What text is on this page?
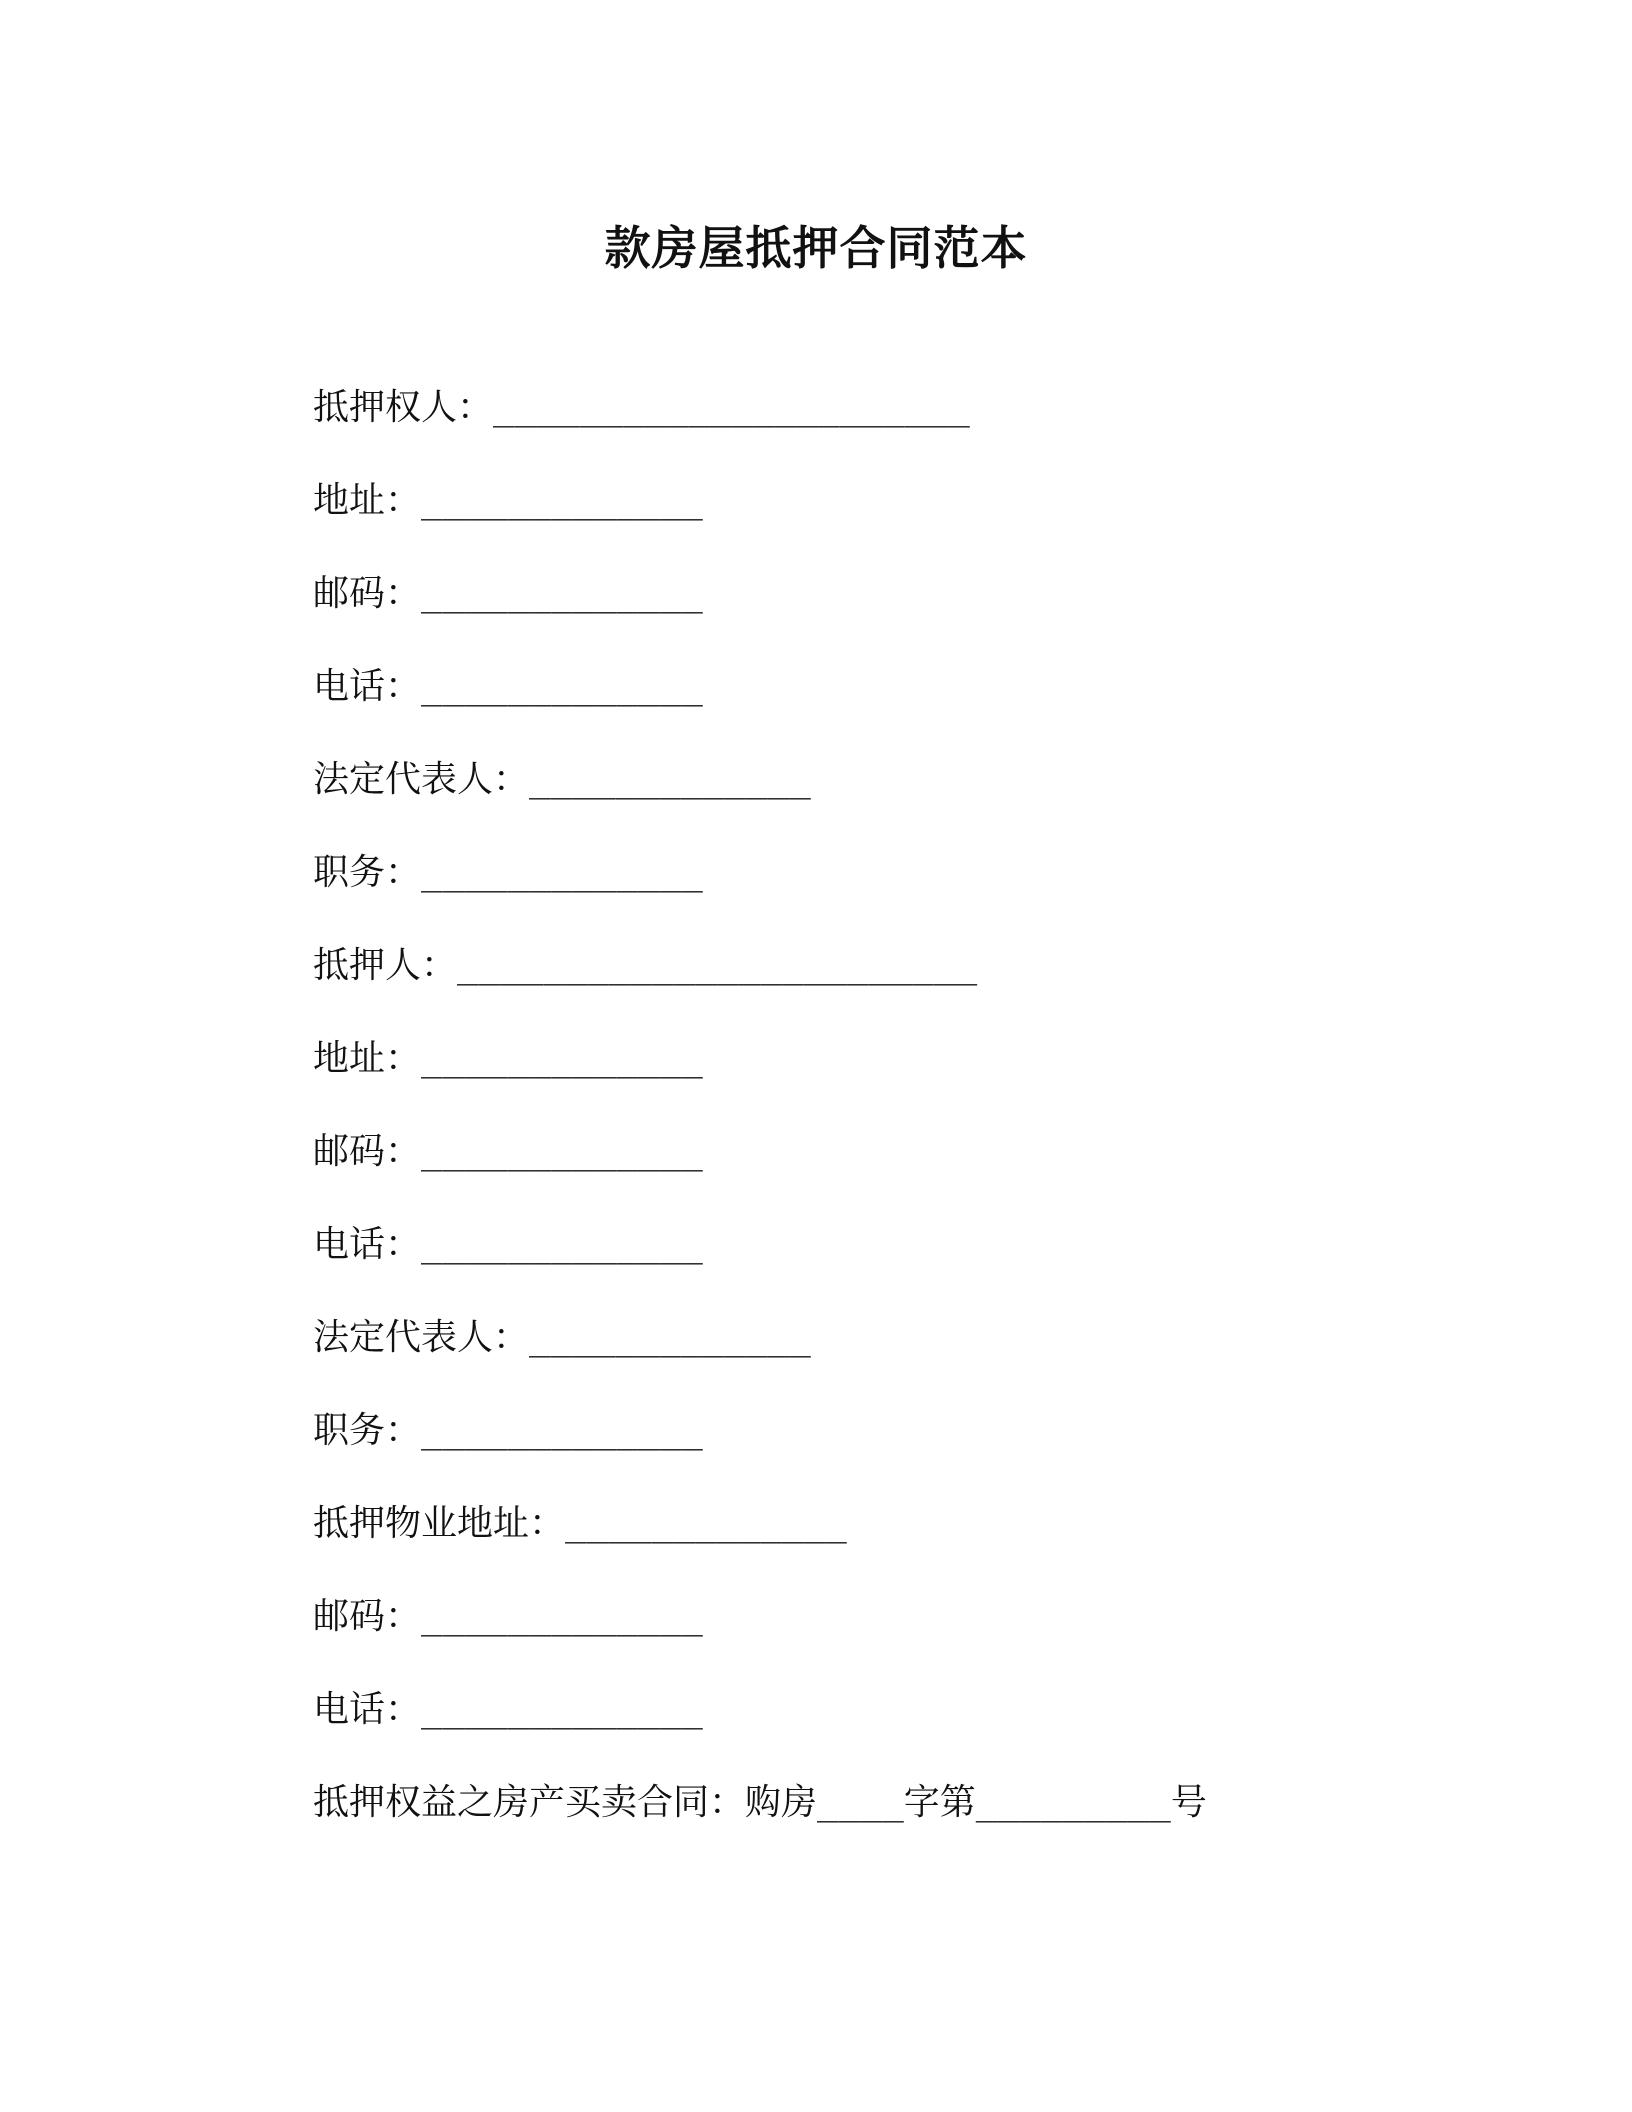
款房屋抵押合同范本
抵押权人：______________________
地址：_____________
邮码：_____________
电话：_____________
法定代表人：_____________
职务：_____________
抵押人：________________________
地址：_____________
邮码：_____________
电话：_____________
法定代表人：_____________
职务：_____________
抵押物业地址：_____________
邮码：_____________
电话：_____________
抵押权益之房产买卖合同：购房____字第_________号
